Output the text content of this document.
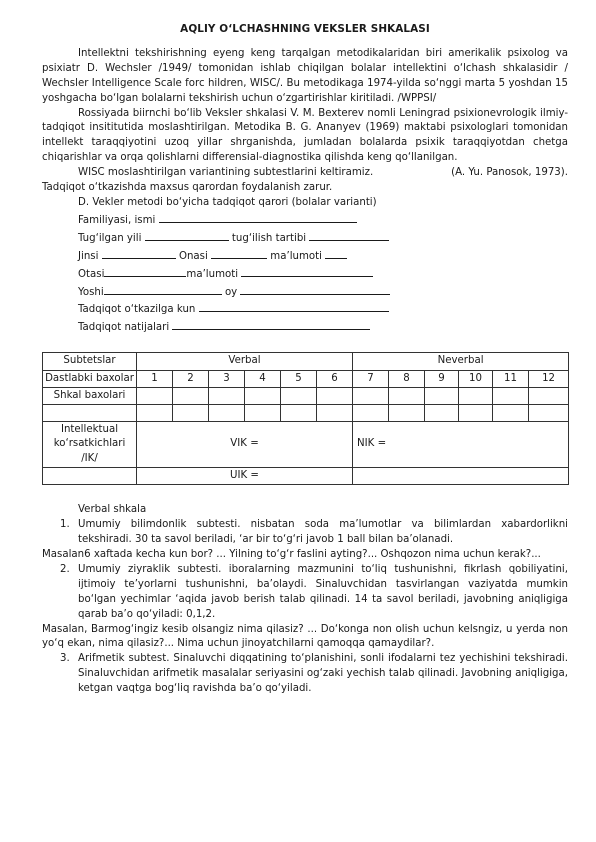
AQLIY O‘LCHASHNING VEKSLER SHKALASI

Intellektni tekshirishning eyeng keng tarqalgan metodikalaridan biri amerikalik psixolog va psixiatr D. Wechsler /1949/ tomonidan ishlab chiqilgan bolalar intellektini o‘lchash shkalasidir / Wechsler Intelligence Scale forc hildren, WISC/. Bu metodikaga 1974-yilda so‘nggi marta 5 yoshdan 15 yoshgacha bo‘lgan bolalarni tekshirish uchun o‘zgartirishlar kiritiladi. /WPPSI/

Rossiyada biirnchi bo‘lib Veksler shkalasi V. M. Bexterev nomli Leningrad psixionevrologik ilmiy-tadqiqot insititutida moslashtirilgan. Metodika B. G. Ananyev (1969) maktabi psixologlari tomonidan intellekt taraqqiyotini uzoq yillar shrganishda, jumladan bolalarda psixik taraqqiyotdan chetga chiqarishlar va orqa qolishlarni differensial-diagnostika qilishda keng qo‘llanilgan.

WISC moslashtirilgan variantining subtestlarini keltiramiz.	(A. Yu. Panosok, 1973).

Tadqiqot o‘tkazishda maxsus qarordan foydalanish zarur.

D. Vekler metodi bo‘yicha tadqiqot qarori (bolalar varianti)
Familiyasi, ismi
Tug‘ilgan yili	tug‘ilish tartibi
Jinsi	Onasi	ma’lumoti
Otasi	ma’lumoti
Yoshi	oy
Tadqiqot o‘tkazilga kun
Tadqiqot natijalari
Subtetslar	Verbal						Neverbal					
Dastlabki baxolar	1	2	3	4	5	6	7	8	9	10	11	12
Shkal baxolari												

Intellektual ko‘rsatkichlari /IK/	VIK =						NIK =					
	UIK =											

Verbal shkala

1. Umumiy bilimdonlik subtesti. nisbatan soda ma’lumotlar va bilimlardan xabardorlikni tekshiradi. 30 ta savol beriladi, ‘ar bir to‘g‘ri javob 1 ball bilan ba’olanadi.

Masalan6 xaftada kecha kun bor? ... Yilning to‘g‘r faslini ayting?... Oshqozon nima uchun kerak?...

2. Umumiy ziyraklik subtesti. iboralarning mazmunini to‘liq tushunishni, fikrlash qobiliyatini, ijtimoiy te’yorlarni tushunishni, ba’olaydi. Sinaluvchidan tasvirlangan vaziyatda mumkin bo‘lgan yechimlar ‘aqida javob berish talab qilinadi. 14 ta savol beriladi, javobning aniqligiga qarab ba’o qo‘yiladi: 0,1,2.

Masalan, Barmog‘ingiz kesib olsangiz nima qilasiz? ... Do‘konga non olish uchun kelsngiz, u yerda non yo‘q ekan, nima qilasiz?... Nima uchun jinoyatchilarni qamoqqa qamaydilar?.

3. Arifmetik subtest. Sinaluvchi diqqatining to‘planishini, sonli ifodalarni tez yechishini tekshiradi. Sinaluvchidan arifmetik masalalar seriyasini og‘zaki yechish talab qilinadi. Javobning aniqligiga, ketgan vaqtga bog‘liq ravishda ba’o qo‘yiladi.
